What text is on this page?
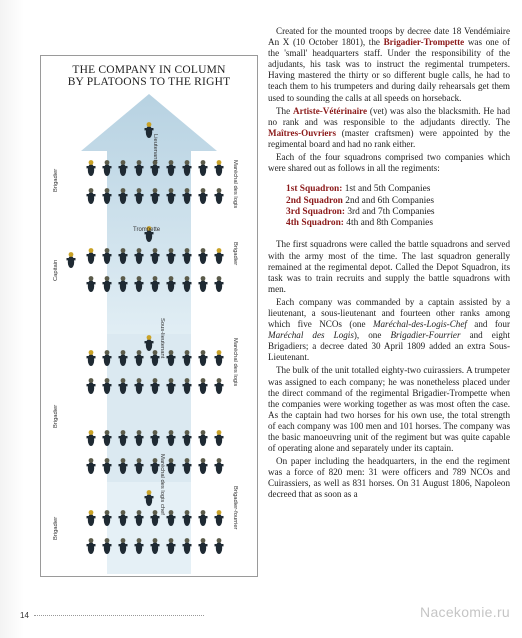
THE COMPANY IN COLUMN
BY PLATOONS TO THE RIGHT
Lieutenant
Maréchal des logis
Brigadier
Trompette
Capitain
Brigadier
Sous-lieutenant	Maréchal des logis
Brigadier
Maréchal des logis chef
Brigadier	Brigadier-fourrier

Created for the mounted troops by decree date 18 Vendémiaire An X (10 October 1801), the Brigadier-Trompette was one of the 'small' headquarters staff. Under the responsibility of the adjudants, his task was to instruct the regimental trumpeters. Having mastered the thirty or so different bugle calls, he had to teach them to his trumpeters and during daily rehearsals get them used to sounding the calls at all speeds on horseback.

The Artiste-Vétérinaire (vet) was also the blacksmith. He had no rank and was responsible to the adjudants directly. The Maîtres-Ouvriers (master craftsmen) were appointed by the regimental board and had no rank either.

Each of the four squadrons comprised two companies which were shared out as follows in all the regiments:

1st Squadron: 1st and 5th Companies
2nd Squadron 2nd and 6th Companies
3rd Squadron: 3rd and 7th Companies
4th Squadron: 4th and 8th Companies

The first squadrons were called the battle squadrons and served with the army most of the time. The last squadron generally remained at the regimental depot. Called the Depot Squadron, its task was to train recruits and supply the battle squadrons with men.

Each company was commanded by a captain assisted by a lieutenant, a sous-lieutenant and fourteen other ranks among which five NCOs (one Maréchal-des-Logis-Chef and four Maréchal des Logis), one Brigadier-Fourrier and eight Brigadiers; a decree dated 30 April 1809 added an extra Sous-Lieutenant.

The bulk of the unit totalled eighty-two cuirassiers. A trumpeter was assigned to each company; he was nonetheless placed under the direct command of the regimental Brigadier-Trompette when the companies were working together as was most often the case. As the captain had two horses for his own use, the total strength of each company was 100 men and 101 horses. The company was the basic manoeuvring unit of the regiment but was quite capable of operating alone and separately under its captain.

On paper including the headquarters, in the end the regiment was a force of 820 men: 31 were officers and 789 NCOs and Cuirassiers, as well as 831 horses. On 31 August 1806, Napoleon decreed that as soon as a

14	Nacekomie.ru
